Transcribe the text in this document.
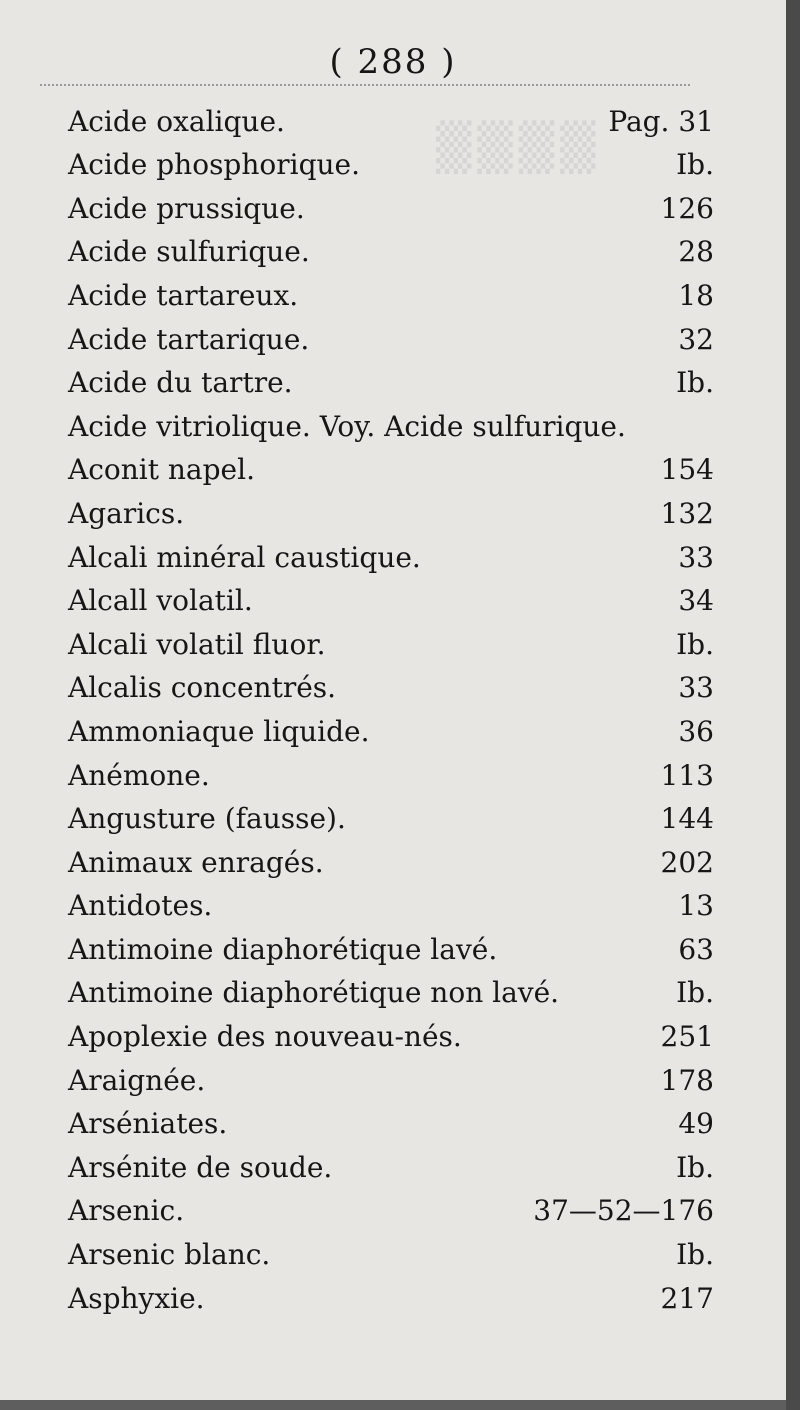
▒▒▒▒
( 288 )
Acide oxalique.	Pag. 31
Acide phosphorique.	Ib.
Acide prussique.	126
Acide sulfurique.	28
Acide tartareux.	18
Acide tartarique.	32
Acide du tartre.	Ib.
Acide vitriolique. Voy. Acide sulfurique.
Aconit napel.	154
Agarics.	132
Alcali minéral caustique.	33
Alcall volatil.	34
Alcali volatil fluor.	Ib.
Alcalis concentrés.	33
Ammoniaque liquide.	36
Anémone.	113
Angusture (fausse).	144
Animaux enragés.	202
Antidotes.	13
Antimoine diaphorétique lavé.	63
Antimoine diaphorétique non lavé.	Ib.
Apoplexie des nouveau-nés.	251
Araignée.	178
Arséniates.	49
Arsénite de soude.	Ib.
Arsenic.	37—52—176
Arsenic blanc.	Ib.
Asphyxie.	217
